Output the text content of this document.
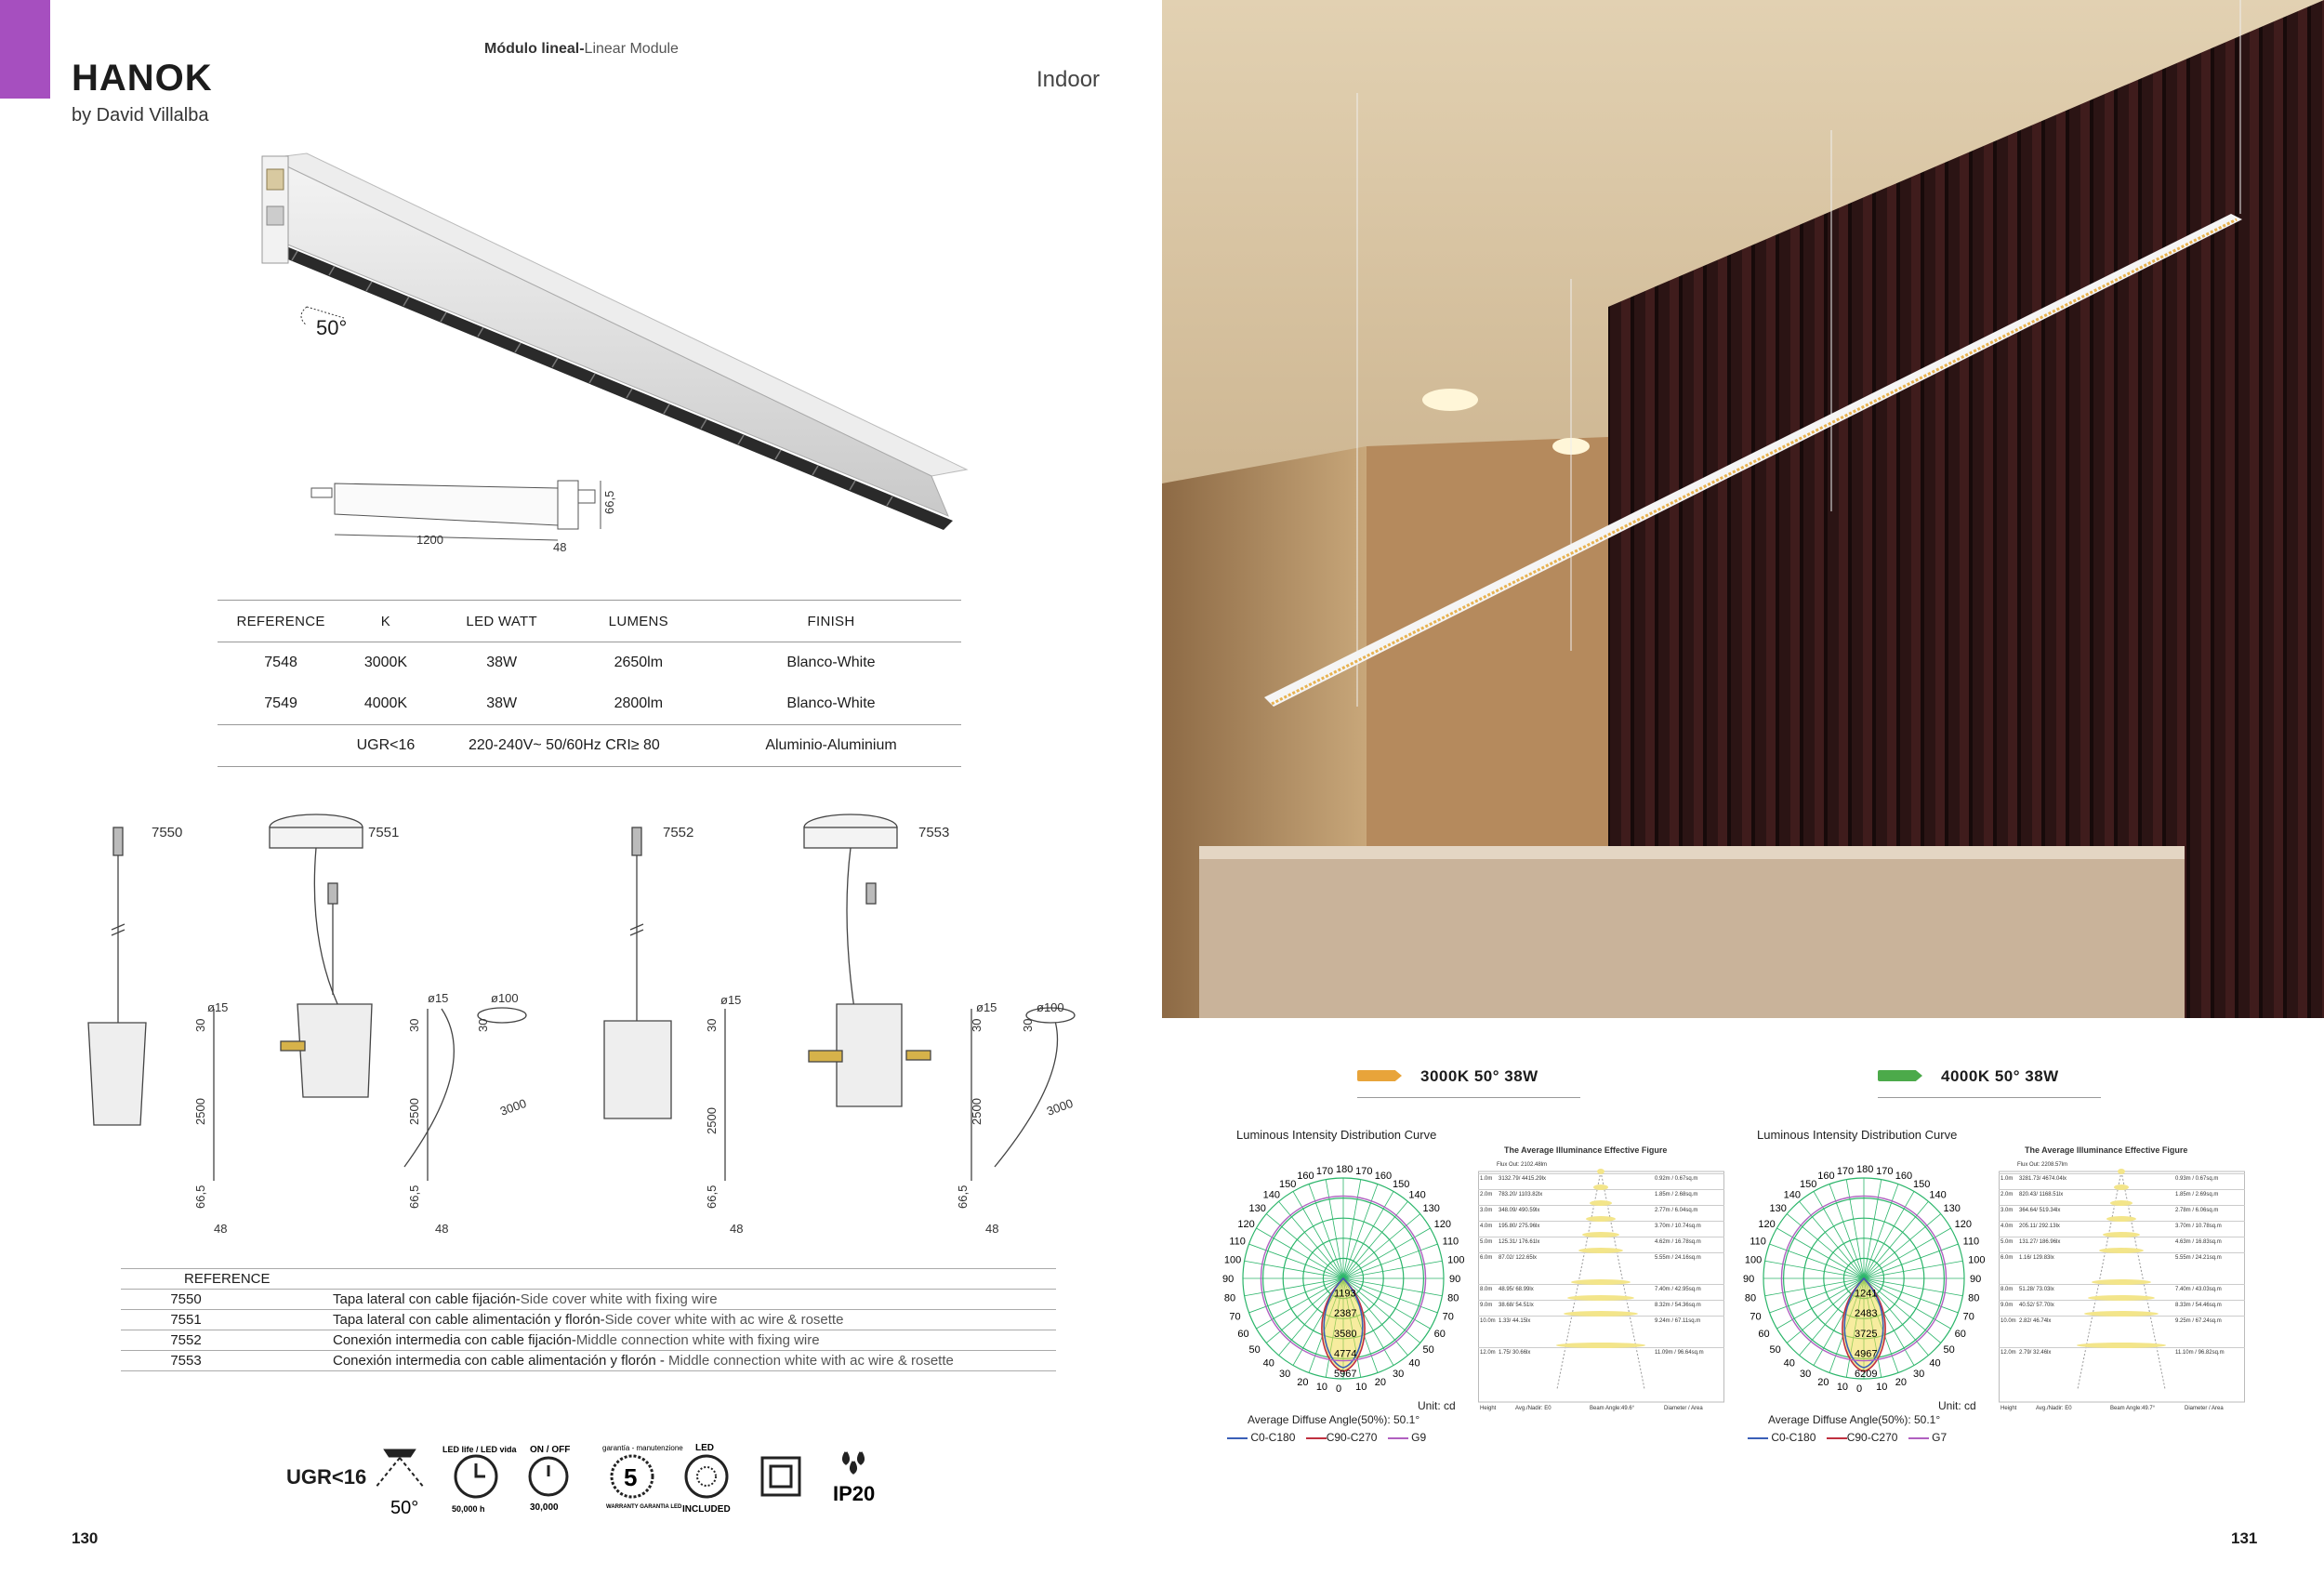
HANOK
by David Villalba
Módulo lineal-Linear Module
Indoor
50°
1200
48
66,5
REFERENCE	K	LED WATT	LUMENS	FINISH
7548	3000K	38W	2650lm	Blanco-White
7549	4000K	38W	2800lm	Blanco-White
	UGR<16	220-240V~ 50/60Hz CRI≥ 80		Aluminio-Aluminium
7550	7551	7552	7553
ø15
ø15	ø100	ø15
ø15	ø100
30
2500
66,5
48
30
2500
66,5
48
30
3000
30
2500
66,5
48
30
2500
66,5
48
30
3000
REFERENCE	
7550	Tapa lateral con cable fijación-Side cover white with fixing wire
7551	Tapa lateral con cable alimentación y florón-Side cover white with ac wire & rosette
7552	Conexión intermedia con cable fijación-Middle connection white with fixing wire
7553	Conexión intermedia con cable alimentación y florón - Middle connection white with ac wire & rosette
UGR<16
50°	50,000 h
LED life / LED vida ON / OFF
30,000
garantía - manutenzione
5
WARRANTY GARANTIA LED
LED
INCLUDED
IP20
130
3000K 50° 38W
Luminous Intensity Distribution Curve
Unit: cd
Average Diffuse Angle(50%): 50.1°
C0-C180	C90-C270	G9
180 170
170	160
160
150
150
140
140
130
130
120
120
110
110
100
100
90
90
80
80
70
70
60
60
50
50
40
40
30
30
20
20	10
10 0
1193
2387
3580
4774
5967
The Average Illuminance Effective Figure
Flux Out: 2102.48lm
1.0m 3132.79/ 4415.29lx	0.92m / 0.67sq.m
2.0m 783.20/ 1103.82lx	1.85m / 2.68sq.m
3.0m 348.09/ 490.59lx	2.77m / 6.04sq.m
4.0m 195.80/ 275.96lx	3.70m / 10.74sq.m
5.0m 125.31/ 176.61lx	4.62m / 16.78sq.m
6.0m 87.02/ 122.65lx	5.55m / 24.16sq.m
8.0m 48.95/ 68.99lx	7.40m / 42.95sq.m
9.0m 38.68/ 54.51lx	8.32m / 54.36sq.m
10.0m 1.33/ 44.15lx	9.24m / 67.11sq.m
12.0m 1.75/ 30.66lx	11.09m / 96.64sq.m
Height	Avg./Nadir: E0	Beam Angle:49.6°	Diameter / Area
4000K 50° 38W
Luminous Intensity Distribution Curve
Unit: cd
Average Diffuse Angle(50%): 50.1°
C0-C180	C90-C270	G7
180 170
170	160
160
150
150
140
140
130
130
120
120
110
110
100
100
90
90
80
80
70
70
60
60
50
50
40
40
30
30
20
20	10
10 0
1241
2483
3725
4967
6209
The Average Illuminance Effective Figure
Flux Out: 2208.57lm
1.0m 3281.73/ 4674.04lx	0.93m / 0.67sq.m
2.0m 820.43/ 1168.51lx	1.85m / 2.69sq.m
3.0m 364.64/ 519.34lx	2.78m / 6.06sq.m
4.0m 205.11/ 292.13lx	3.70m / 10.78sq.m
5.0m 131.27/ 186.96lx	4.63m / 16.83sq.m
6.0m 1.16/ 129.83lx	5.55m / 24.21sq.m
8.0m 51.28/ 73.03lx	7.40m / 43.03sq.m
9.0m 40.52/ 57.70lx	8.33m / 54.46sq.m
10.0m 2.82/ 46.74lx	9.25m / 67.24sq.m
12.0m 2.79/ 32.46lx	11.10m / 96.82sq.m
Height	Avg./Nadir: E0	Beam Angle:49.7°	Diameter / Area
131
